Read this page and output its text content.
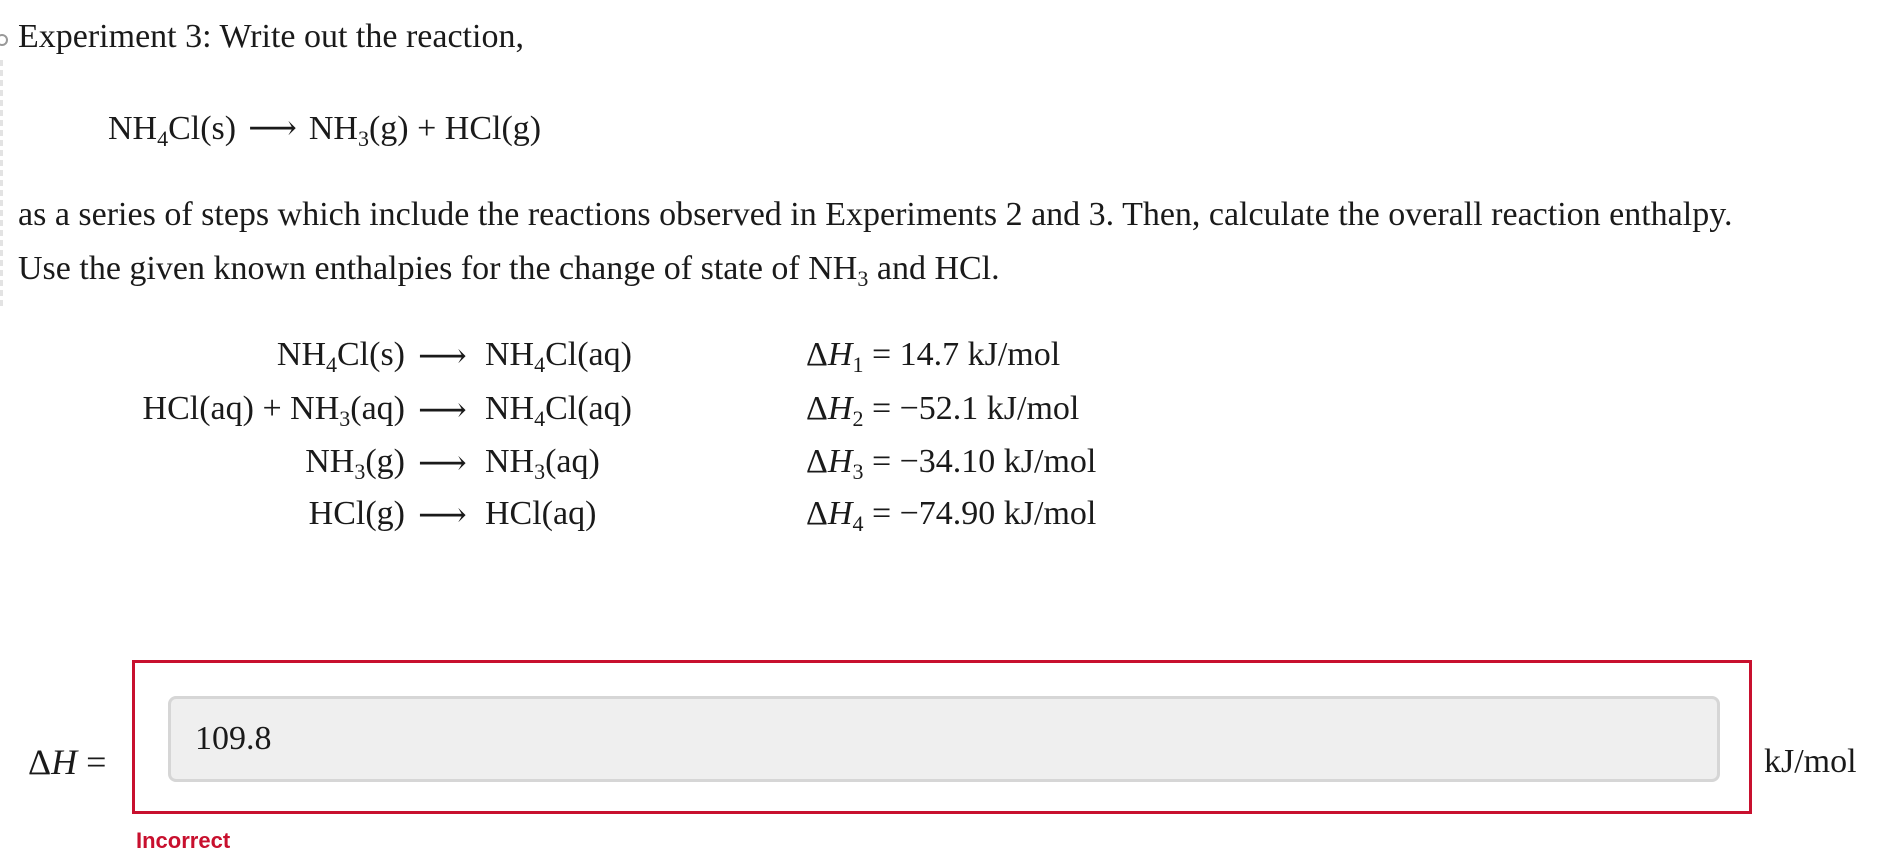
Experiment 3: Write out the reaction,
$NH_4Cl(s)$ ⟶ $NH_3(g) + HCl(g)$
as a series of steps which include the reactions observed in Experiments 2 and 3. Then, calculate the overall reaction enthalpy.
Use the given known enthalpies for the change of state of $NH_3$ and HCl.
$NH_4Cl(s)$ ⟶ $NH_4Cl(aq)$	$\Delta H_1 = 14.7$ kJ/mol
$HCl(aq) + NH_3(aq)$ ⟶ $NH_4Cl(aq)$	$\Delta H_2 = -52.1$ kJ/mol
$NH_3(g)$ ⟶ $NH_3(aq)$	$\Delta H_3 = -34.10$ kJ/mol
HCl(g) ⟶ HCl(aq)	$\Delta H_4 = -74.90$ kJ/mol
ΔH =
109.8	kJ/mol
Incorrect
